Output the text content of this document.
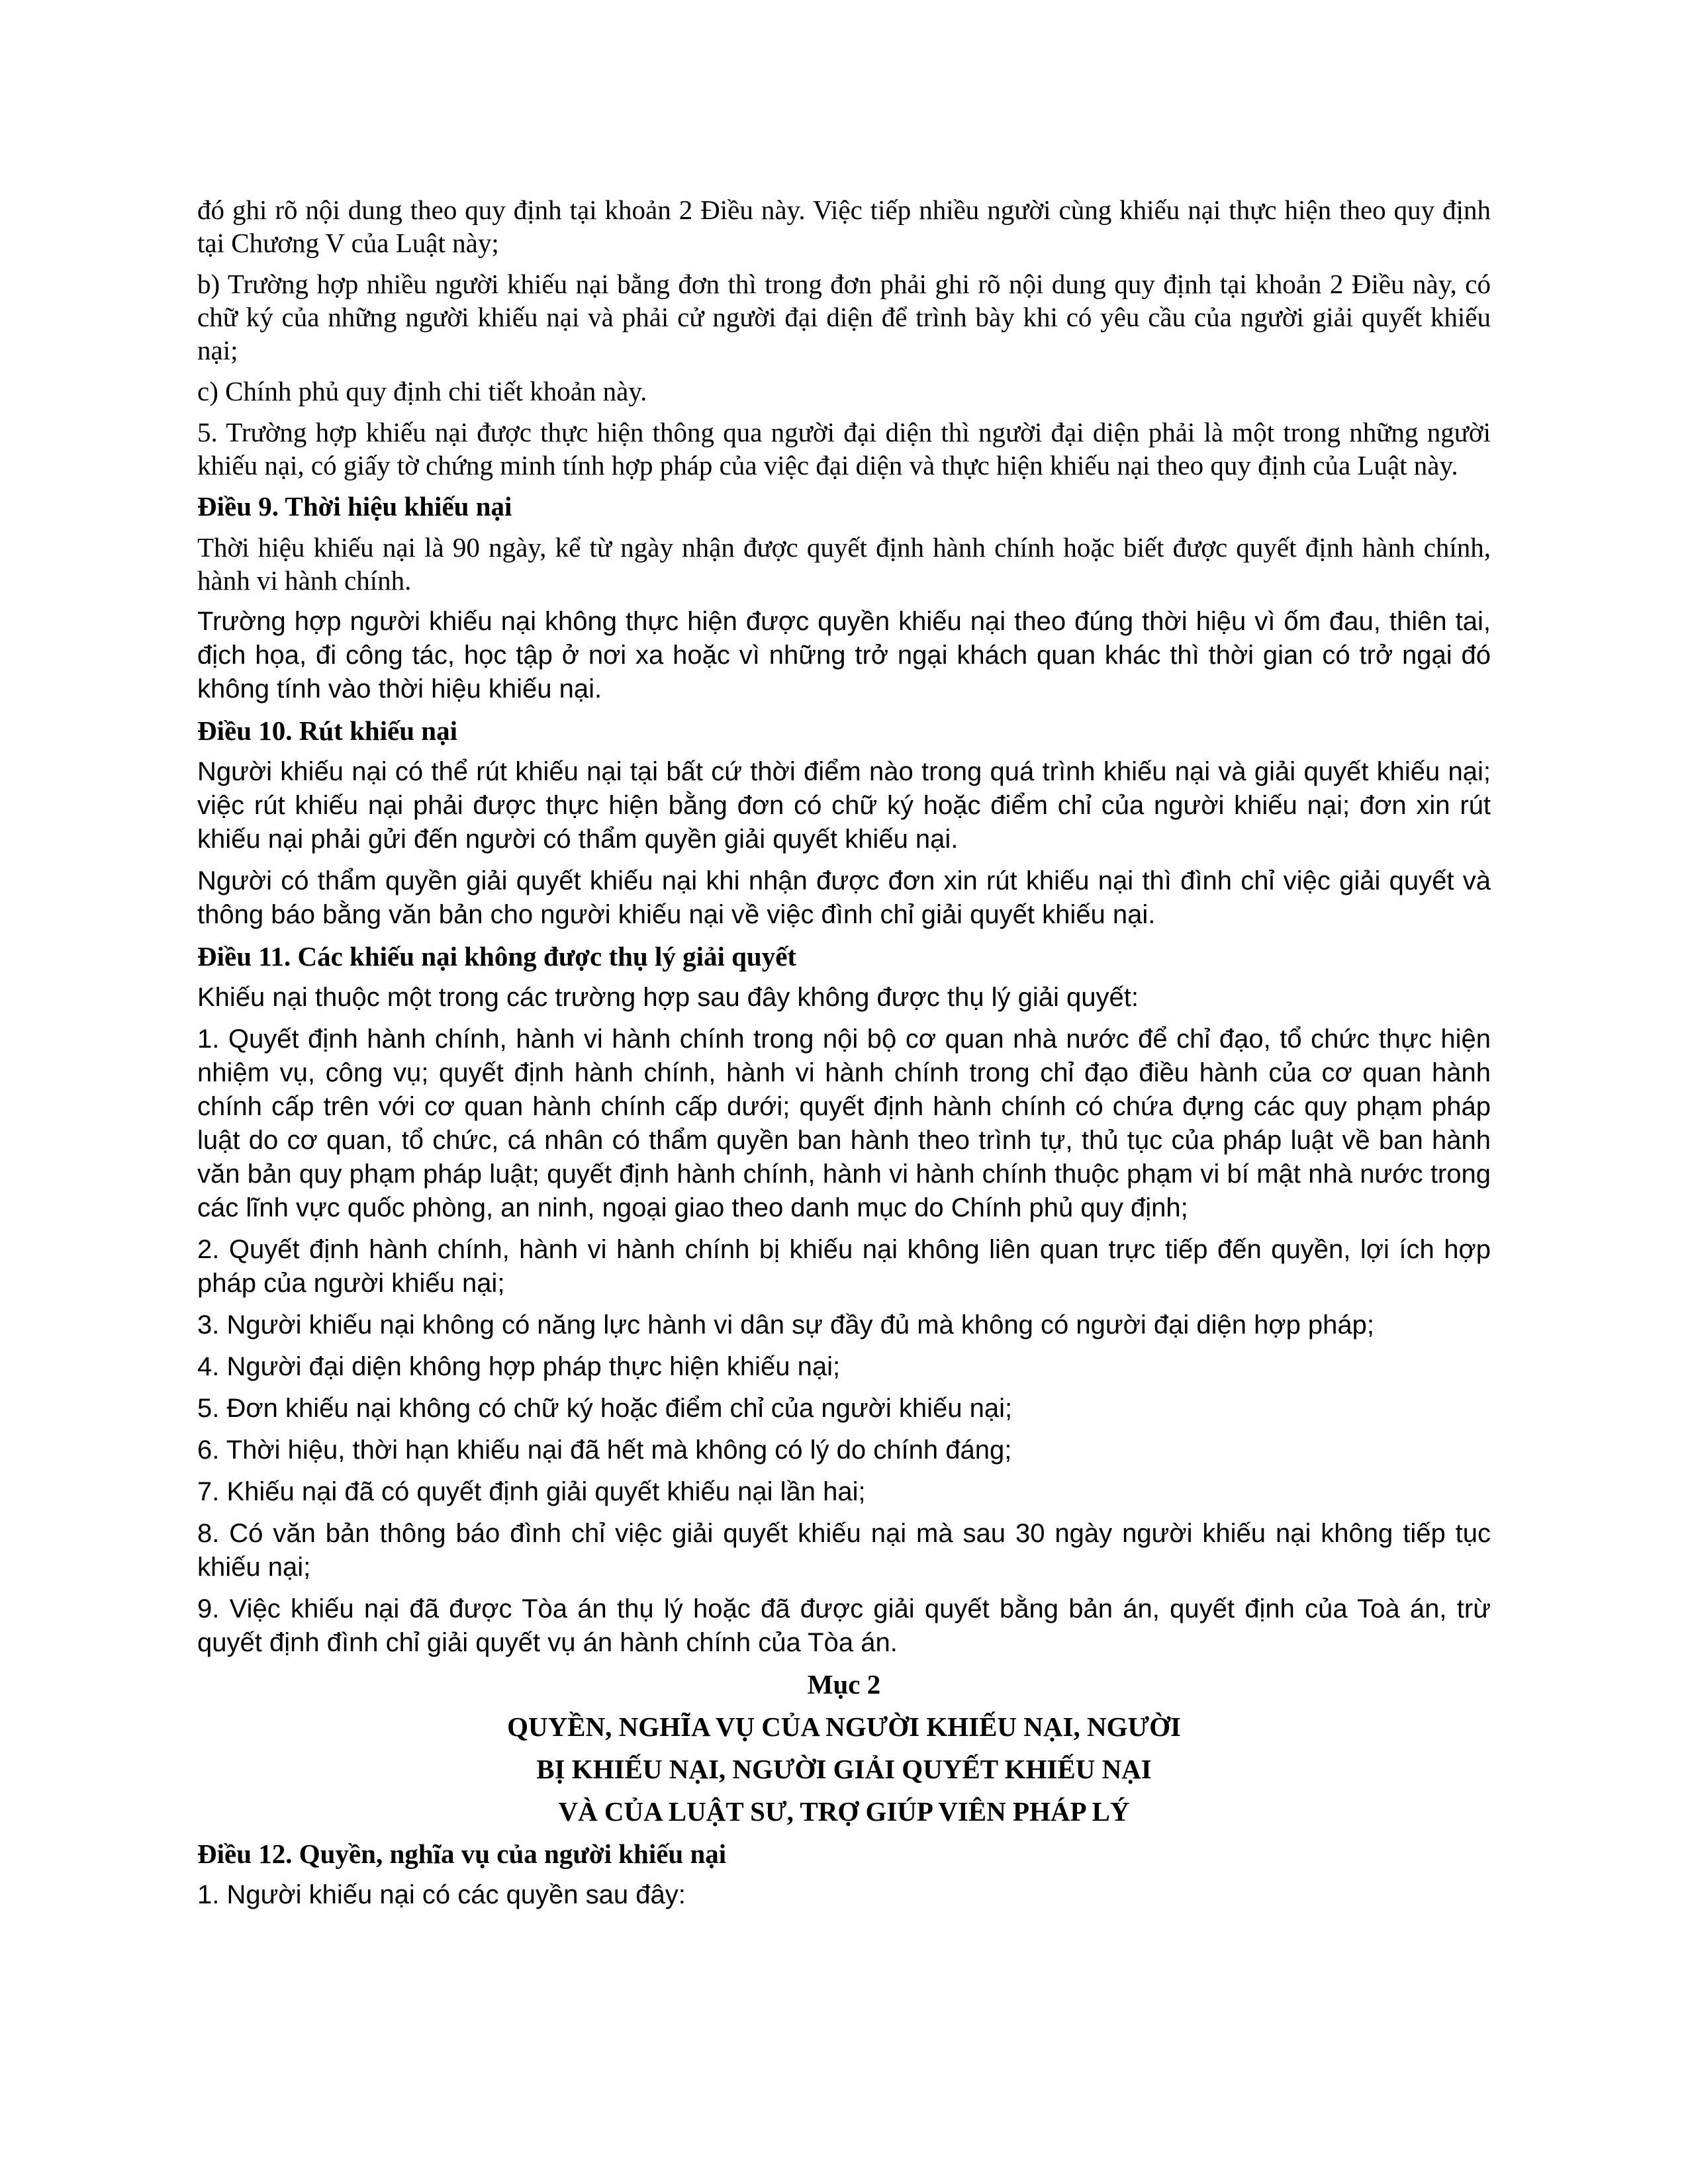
đó ghi rõ nội dung theo quy định tại khoản 2 Điều này. Việc tiếp nhiều người cùng khiếu nại thực hiện theo quy định tại Chương V của Luật này;

b) Trường hợp nhiều người khiếu nại bằng đơn thì trong đơn phải ghi rõ nội dung quy định tại khoản 2 Điều này, có chữ ký của những người khiếu nại và phải cử người đại diện để trình bày khi có yêu cầu của người giải quyết khiếu nại;

c) Chính phủ quy định chi tiết khoản này.

5. Trường hợp khiếu nại được thực hiện thông qua người đại diện thì người đại diện phải là một trong những người khiếu nại, có giấy tờ chứng minh tính hợp pháp của việc đại diện và thực hiện khiếu nại theo quy định của Luật này.

Điều 9. Thời hiệu khiếu nại

Thời hiệu khiếu nại là 90 ngày, kể từ ngày nhận được quyết định hành chính hoặc biết được quyết định hành chính, hành vi hành chính.

Trường hợp người khiếu nại không thực hiện được quyền khiếu nại theo đúng thời hiệu vì ốm đau, thiên tai, địch họa, đi công tác, học tập ở nơi xa hoặc vì những trở ngại khách quan khác thì thời gian có trở ngại đó không tính vào thời hiệu khiếu nại.

Điều 10. Rút khiếu nại

Người khiếu nại có thể rút khiếu nại tại bất cứ thời điểm nào trong quá trình khiếu nại và giải quyết khiếu nại; việc rút khiếu nại phải được thực hiện bằng đơn có chữ ký hoặc điểm chỉ của người khiếu nại; đơn xin rút khiếu nại phải gửi đến người có thẩm quyền giải quyết khiếu nại.

Người có thẩm quyền giải quyết khiếu nại khi nhận được đơn xin rút khiếu nại thì đình chỉ việc giải quyết và thông báo bằng văn bản cho người khiếu nại về việc đình chỉ giải quyết khiếu nại.

Điều 11. Các khiếu nại không được thụ lý giải quyết

Khiếu nại thuộc một trong các trường hợp sau đây không được thụ lý giải quyết:

1. Quyết định hành chính, hành vi hành chính trong nội bộ cơ quan nhà nước để chỉ đạo, tổ chức thực hiện nhiệm vụ, công vụ; quyết định hành chính, hành vi hành chính trong chỉ đạo điều hành của cơ quan hành chính cấp trên với cơ quan hành chính cấp dưới; quyết định hành chính có chứa đựng các quy phạm pháp luật do cơ quan, tổ chức, cá nhân có thẩm quyền ban hành theo trình tự, thủ tục của pháp luật về ban hành văn bản quy phạm pháp luật; quyết định hành chính, hành vi hành chính thuộc phạm vi bí mật nhà nước trong các lĩnh vực quốc phòng, an ninh, ngoại giao theo danh mục do Chính phủ quy định;

2. Quyết định hành chính, hành vi hành chính bị khiếu nại không liên quan trực tiếp đến quyền, lợi ích hợp pháp của người khiếu nại;

3. Người khiếu nại không có năng lực hành vi dân sự đầy đủ mà không có người đại diện hợp pháp;

4. Người đại diện không hợp pháp thực hiện khiếu nại;

5. Đơn khiếu nại không có chữ ký hoặc điểm chỉ của người khiếu nại;

6. Thời hiệu, thời hạn khiếu nại đã hết mà không có lý do chính đáng;

7. Khiếu nại đã có quyết định giải quyết khiếu nại lần hai;

8. Có văn bản thông báo đình chỉ việc giải quyết khiếu nại mà sau 30 ngày người khiếu nại không tiếp tục khiếu nại;

9. Việc khiếu nại đã được Tòa án thụ lý hoặc đã được giải quyết bằng bản án, quyết định của Toà án, trừ quyết định đình chỉ giải quyết vụ án hành chính của Tòa án.

Mục 2

QUYỀN, NGHĨA VỤ CỦA NGƯỜI KHIẾU NẠI, NGƯỜI

BỊ KHIẾU NẠI, NGƯỜI GIẢI QUYẾT KHIẾU NẠI

VÀ CỦA LUẬT SƯ, TRỢ GIÚP VIÊN PHÁP LÝ

Điều 12. Quyền, nghĩa vụ của người khiếu nại

1. Người khiếu nại có các quyền sau đây:
